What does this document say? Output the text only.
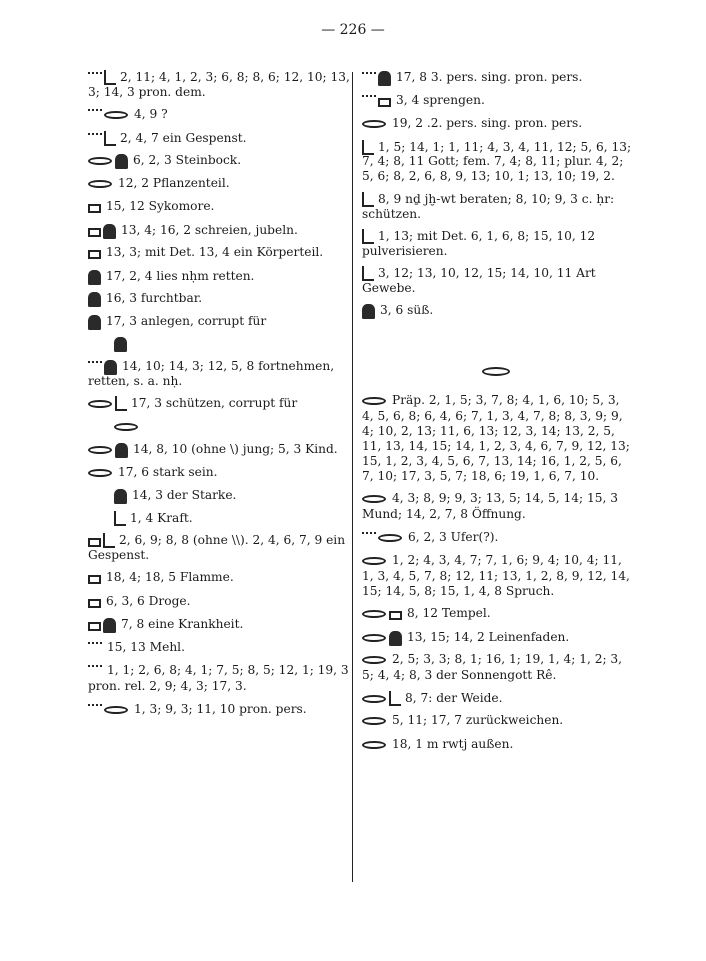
— 226 —
2, 11; 4, 1, 2, 3; 6, 8; 8, 6; 12, 10; 13, 3; 14, 3 pron. dem.
4, 9 ?
2, 4, 7 ein Gespenst.
6, 2, 3 Steinbock.
12, 2 Pflanzenteil.
15, 12 Sykomore.
13, 4; 16, 2 schreien, jubeln.
13, 3; mit Det. 13, 4 ein Körperteil.
17, 2, 4 lies nḥm retten.
16, 3 furchtbar.
17, 3 anlegen, corrupt für
14, 10; 14, 3; 12, 5, 8 fortnehmen, retten, s. a. nḥ.
17, 3 schützen, corrupt für
14, 8, 10 (ohne \) jung; 5, 3 Kind.
17, 6 stark sein.
14, 3 der Starke.
1, 4 Kraft.
2, 6, 9; 8, 8 (ohne \\). 2, 4, 6, 7, 9 ein Gespenst.
18, 4; 18, 5 Flamme.
6, 3, 6 Droge.
7, 8 eine Krankheit.
15, 13 Mehl.
1, 1; 2, 6, 8; 4, 1; 7, 5; 8, 5; 12, 1; 19, 3 pron. rel. 2, 9; 4, 3; 17, 3.
1, 3; 9, 3; 11, 10 pron. pers.
17, 8 3. pers. sing. pron. pers.
3, 4 sprengen.
19, 2 .2. pers. sing. pron. pers.
1, 5; 14, 1; 1, 11; 4, 3, 4, 11, 12; 5, 6, 13; 7, 4; 8, 11 Gott; fem. 7, 4; 8, 11; plur. 4, 2; 5, 6; 8, 2, 6, 8, 9, 13; 10, 1; 13, 10; 19, 2.
8, 9 nḏ jḫ-wt beraten; 8, 10; 9, 3 c. ḥr: schützen.
1, 13; mit Det. 6, 1, 6, 8; 15, 10, 12 pulverisieren.
3, 12; 13, 10, 12, 15; 14, 10, 11 Art Gewebe.
3, 6 süß.
Präp. 2, 1, 5; 3, 7, 8; 4, 1, 6, 10; 5, 3, 4, 5, 6, 8; 6, 4, 6; 7, 1, 3, 4, 7, 8; 8, 3, 9; 9, 4; 10, 2, 13; 11, 6, 13; 12, 3, 14; 13, 2, 5, 11, 13, 14, 15; 14, 1, 2, 3, 4, 6, 7, 9, 12, 13; 15, 1, 2, 3, 4, 5, 6, 7, 13, 14; 16, 1, 2, 5, 6, 7, 10; 17, 3, 5, 7; 18, 6; 19, 1, 6, 7, 10.
4, 3; 8, 9; 9, 3; 13, 5; 14, 5, 14; 15, 3 Mund; 14, 2, 7, 8 Öffnung.
6, 2, 3 Ufer(?).
1, 2; 4, 3, 4, 7; 7, 1, 6; 9, 4; 10, 4; 11, 1, 3, 4, 5, 7, 8; 12, 11; 13, 1, 2, 8, 9, 12, 14, 15; 14, 5, 8; 15, 1, 4, 8 Spruch.
8, 12 Tempel.
13, 15; 14, 2 Leinenfaden.
2, 5; 3, 3; 8, 1; 16, 1; 19, 1, 4; 1, 2; 3, 5; 4, 4; 8, 3 der Sonnengott Rê.
8, 7: der Weide.
5, 11; 17, 7 zurückweichen.
18, 1 m rwtj außen.
